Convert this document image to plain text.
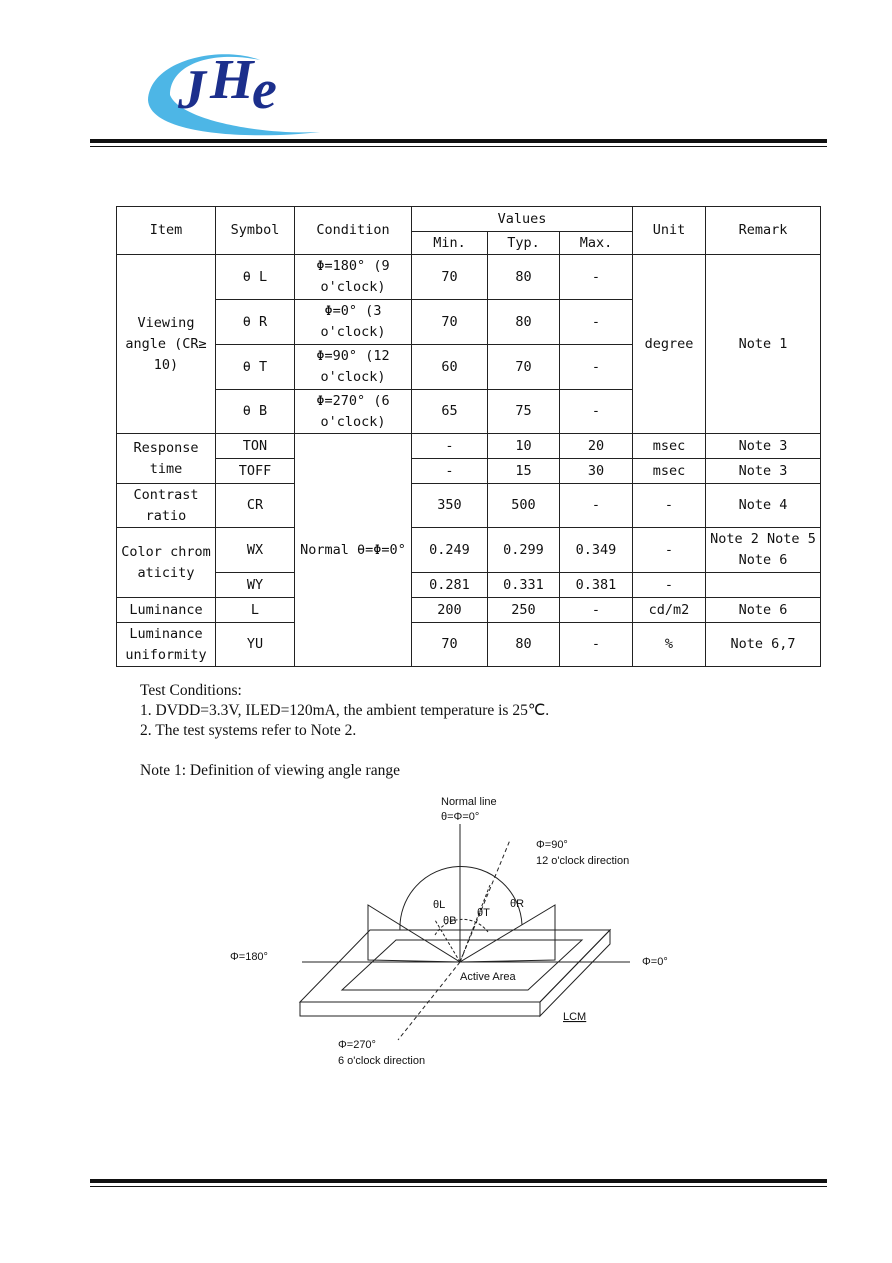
J H
e
Item	Symbol	Condition	Values			Unit	Remark
			Min.	Typ.	Max.		
Viewing angle (CR≥ 10)	θ L	Φ=180° (9 o'clock)	70	80	-	degree	Note 1
	θ R	Φ=0° (3 o'clock)	70	80	-		
	θ T	Φ=90° (12 o'clock)	60	70	-		
	θ B	Φ=270° (6 o'clock)	65	75	-		
Response time	TON	Normal θ=Φ=0°	-	10	20	msec	Note 3
	TOFF		-	15	30	msec	Note 3
Contrast ratio	CR		350	500	-	-	Note 4
Color chromaticity	WX		0.249	0.299	0.349	-	Note 2 Note 5 Note 6
	WY		0.281	0.331	0.381	-	
Luminance	L		200	250	-	cd/m2	Note 6
Luminance uniformity	YU		70	80	-	%	Note 6,7
Test Conditions:
1. DVDD=3.3V, ILED=120mA, the ambient temperature is 25℃.
2. The test systems refer to Note 2.
Note 1: Definition of viewing angle range
Normal line
θ=Φ=0°
Φ=90°
12 o'clock direction
Φ=180°	Φ=0°
Φ=270°
6 o'clock direction
Active Area
LCM
θL
θB
θT
θR
